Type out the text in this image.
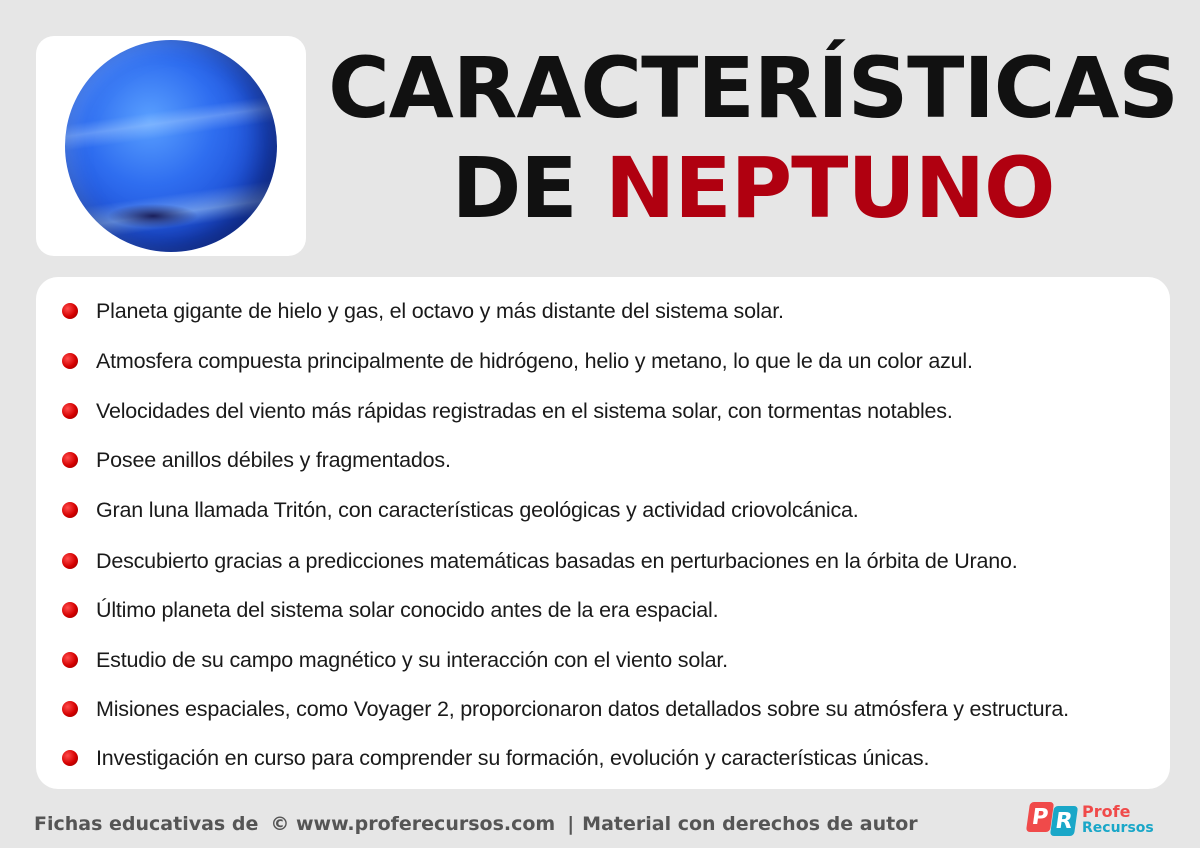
CARACTERÍSTICAS
DE NEPTUNO
Planeta gigante de hielo y gas, el octavo y más distante del sistema solar.
Atmosfera compuesta principalmente de hidrógeno, helio y metano, lo que le da un color azul.
Velocidades del viento más rápidas registradas en el sistema solar, con tormentas notables.
Posee anillos débiles y fragmentados.
Gran luna llamada Tritón, con características geológicas y actividad criovolcánica.
Descubierto gracias a predicciones matemáticas basadas en perturbaciones en la órbita de Urano.
Último planeta del sistema solar conocido antes de la era espacial.
Estudio de su campo magnético y su interacción con el viento solar.
Misiones espaciales, como Voyager 2, proporcionaron datos detallados sobre su atmósfera y estructura.
Investigación en curso para comprender su formación, evolución y características únicas.
Fichas educativas de © www.proferecursos.com | Material con derechos de autor	P R Profe
Recursos
